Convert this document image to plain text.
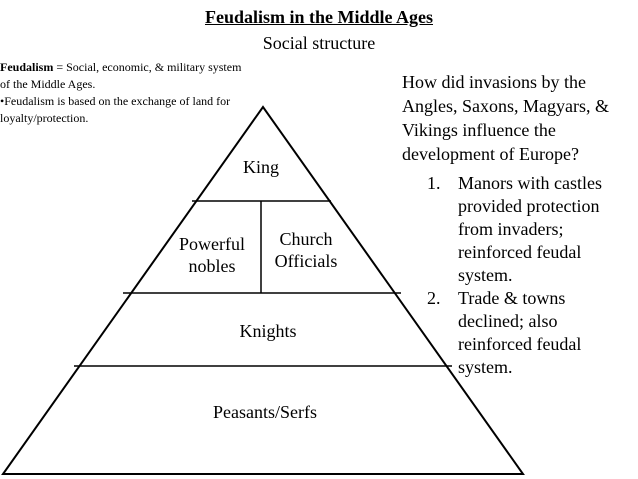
Feudalism in the Middle Ages
Social structure
Feudalism = Social, economic, & military system
of the Middle Ages.
•Feudalism is based on the exchange of land for
loyalty/protection.
King
Powerful
nobles
Church
Officials
Knights
Peasants/Serfs
How did invasions by the
Angles, Saxons, Magyars, &
Vikings influence the
development of Europe?
1. Manors with castles
provided protection
from invaders;
reinforced feudal
system.
2. Trade & towns
declined; also
reinforced feudal
system.
